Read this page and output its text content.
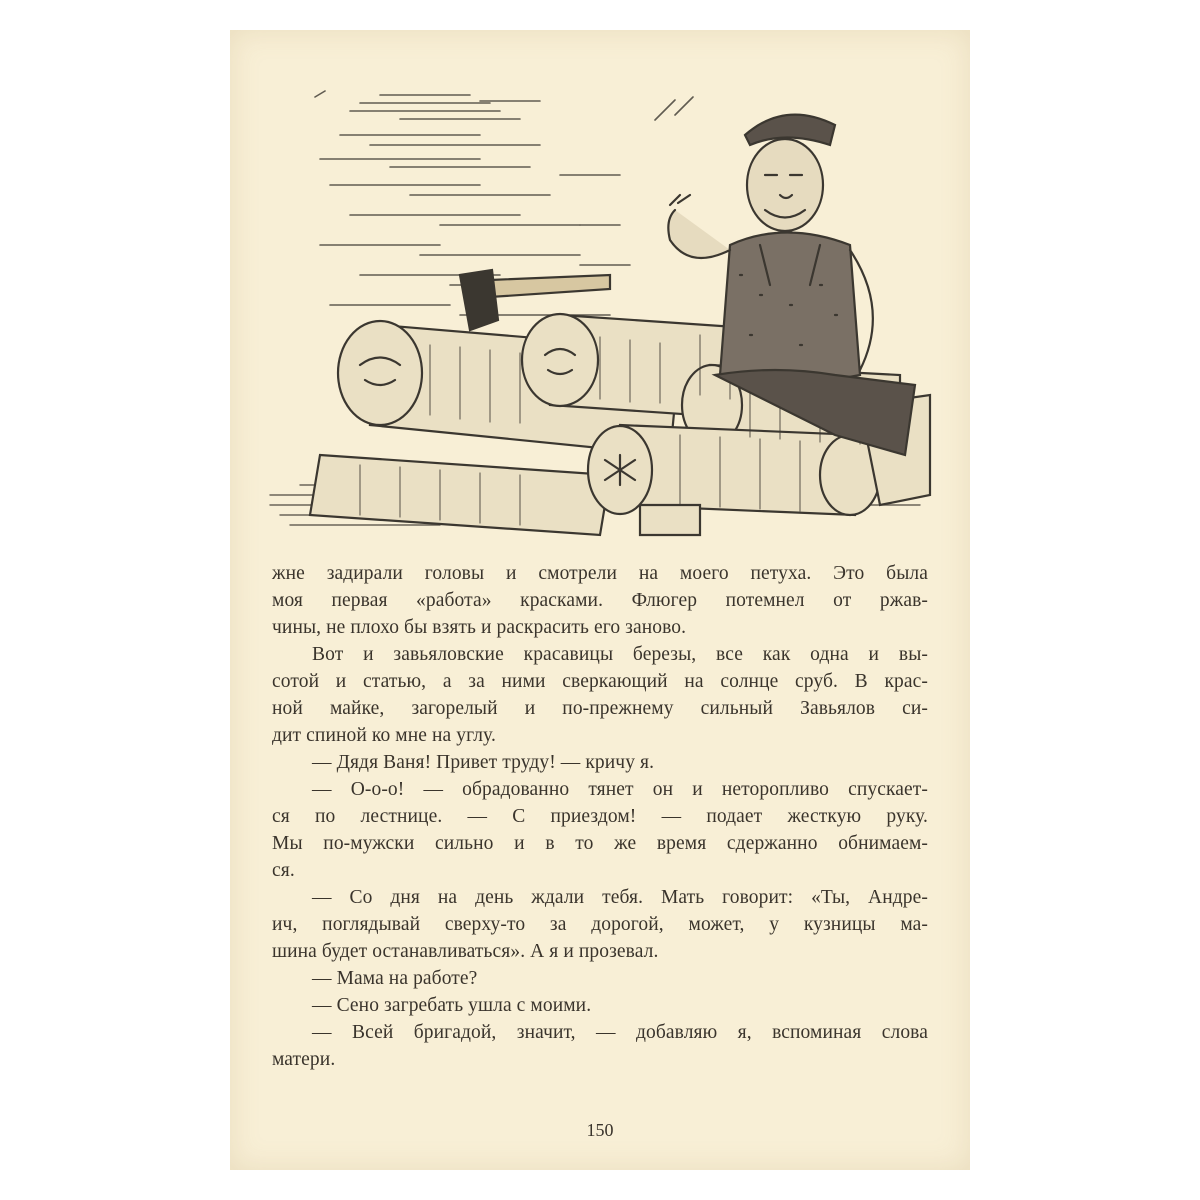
жне задирали головы и смотрели на моего петуха. Это была
моя первая «работа» красками. Флюгер потемнел от ржав-
чины, не плохо бы взять и раскрасить его заново.
Вот и завьяловские красавицы березы, все как одна и вы-
сотой и статью, а за ними сверкающий на солнце сруб. В крас-
ной майке, загорелый и по-прежнему сильный Завьялов си-
дит спиной ко мне на углу.
— Дядя Ваня! Привет труду! — кричу я.
— О-о-о! — обрадованно тянет он и неторопливо спускает-
ся по лестнице. — С приездом! — подает жесткую руку.
Мы по-мужски сильно и в то же время сдержанно обнимаем-
ся.
— Со дня на день ждали тебя. Мать говорит: «Ты, Андре-
ич, поглядывай сверху-то за дорогой, может, у кузницы ма-
шина будет останавливаться». А я и прозевал.
— Мама на работе?
— Сено загребать ушла с моими.
— Всей бригадой, значит, — добавляю я, вспоминая слова
матери.
150
